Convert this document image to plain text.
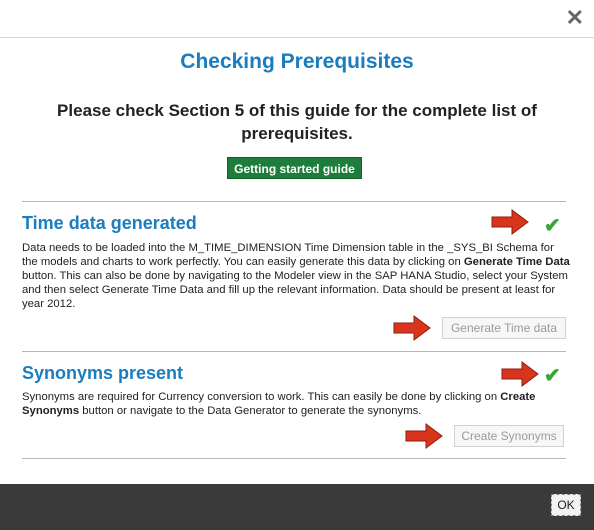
✕
Checking Prerequisites
Please check Section 5 of this guide for the complete list of prerequisites.
Getting started guide
Time data generated	✔
Data needs to be loaded into the M_TIME_DIMENSION Time Dimension table in the _SYS_BI Schema for the models and charts to work perfectly. You can easily generate this data by clicking on Generate Time Data button. This can also be done by navigating to the Modeler view in the SAP HANA Studio, select your System and then select Generate Time Data and fill up the relevant information. Data should be present at least for year 2012.
Generate Time data
Synonyms present	✔
Synonyms are required for Currency conversion to work. This can easily be done by clicking on Create Synonyms button or navigate to the Data Generator to generate the synonyms.
Create Synonyms
OK
